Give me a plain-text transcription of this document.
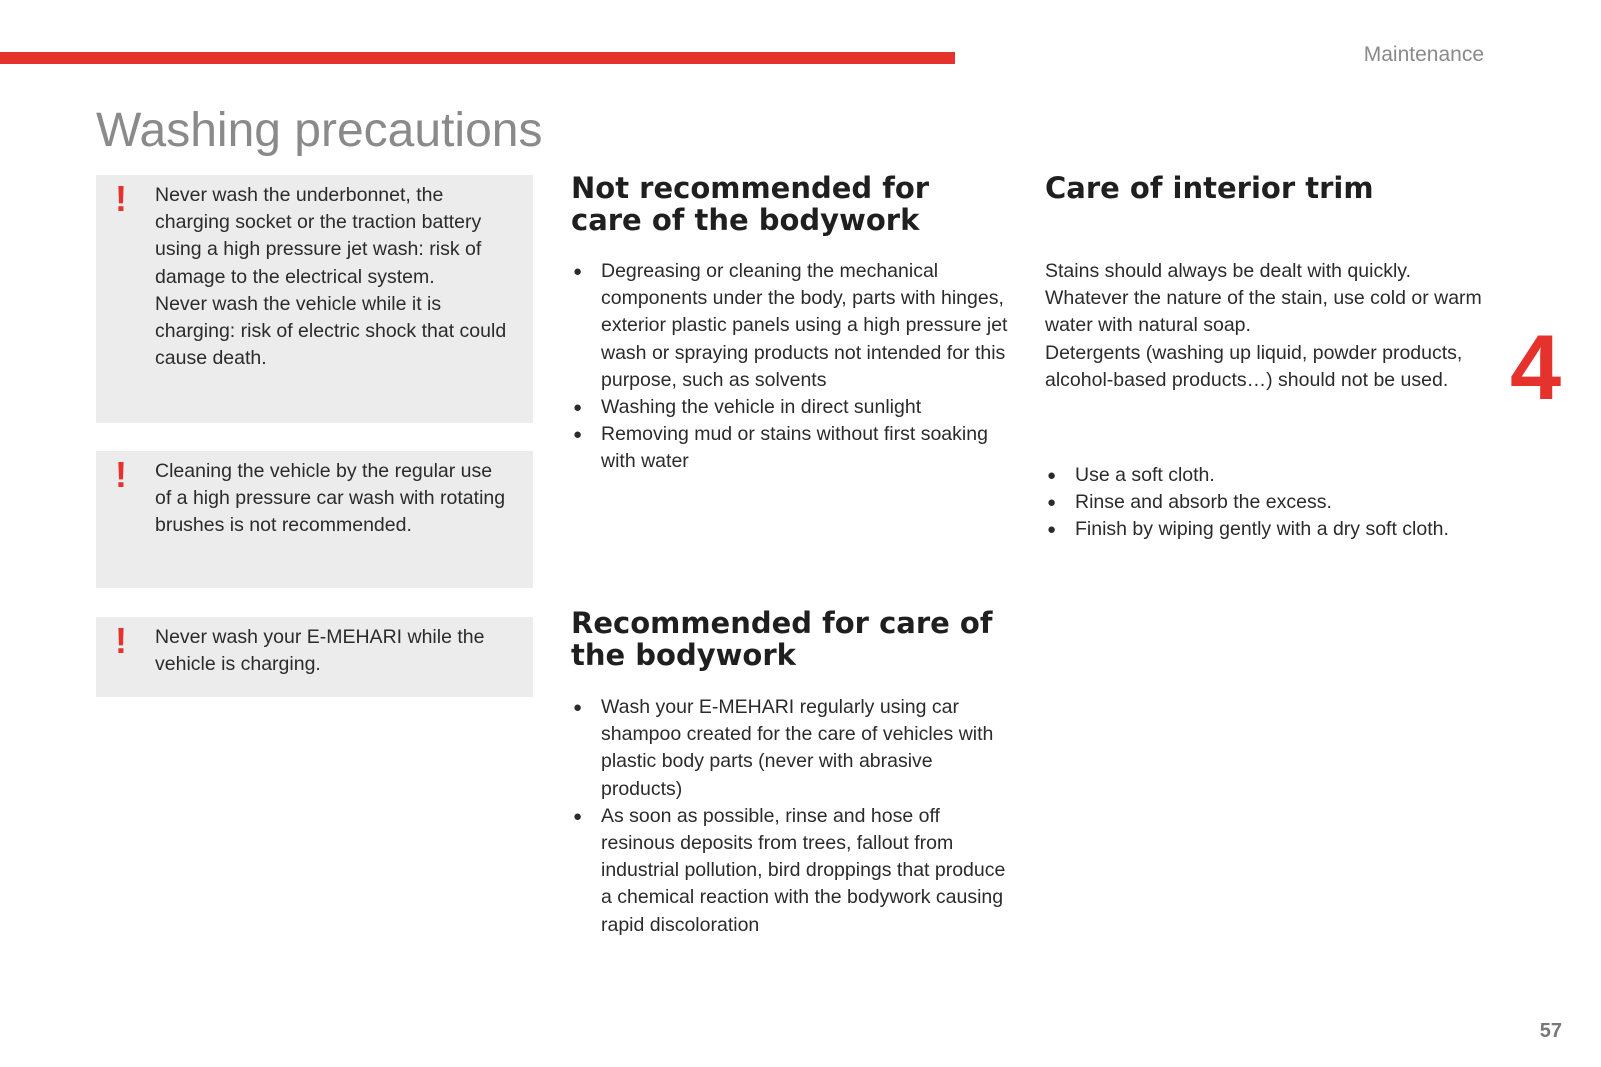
Maintenance
Washing precautions
4
57
! Never wash the underbonnet, the charging socket or the traction battery using a high pressure jet wash: risk of damage to the electrical system.

Never wash the vehicle while it is charging: risk of electric shock that could cause death.

! Cleaning the vehicle by the regular use of a high pressure car wash with rotating brushes is not recommended.

! Never wash your E-MEHARI while the vehicle is charging.

Not recommended for care of the bodywork
● Degreasing or cleaning the mechanical components under the body, parts with hinges, exterior plastic panels using a high pressure jet wash or spraying products not intended for this purpose, such as solvents
● Washing the vehicle in direct sunlight
● Removing mud or stains without first soaking with water
Recommended for care of the bodywork
● Wash your E-MEHARI regularly using car shampoo created for the care of vehicles with plastic body parts (never with abrasive products)
● As soon as possible, rinse and hose off resinous deposits from trees, fallout from industrial pollution, bird droppings that produce a chemical reaction with the bodywork causing rapid discoloration
Care of interior trim
Stains should always be dealt with quickly.
Whatever the nature of the stain, use cold or warm water with natural soap.
Detergents (washing up liquid, powder products, alcohol-based products…) should not be used.
● Use a soft cloth.
● Rinse and absorb the excess.
● Finish by wiping gently with a dry soft cloth.
